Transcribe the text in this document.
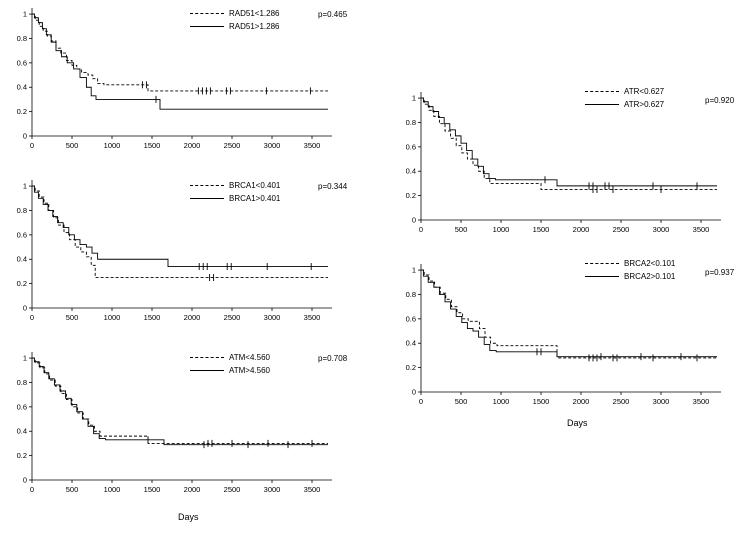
0
0.2
0.4
0.6
0.8
1
0	500	1000	1500	2000	2500	3000	3500
RAD51<1.286
RAD51>1.286
p=0.465
0
0.2
0.4
0.6
0.8
1
0	500	1000	1500	2000	2500	3000	3500
BRCA1<0.401
BRCA1>0.401
p=0.344
0
0.2
0.4
0.6
0.8
1
0	500	1000	1500	2000	2500	3000	3500
ATM<4.560
ATM>4.560
p=0.708
Days
0
0.2
0.4
0.6
0.8
1
0	500	1000	1500	2000	2500	3000	3500
ATR<0.627
ATR>0.627	p=0.920
0
0.2
0.4
0.6
0.8
1
0	500	1000	1500	2000	2500	3000	3500
BRCA2<0.101
BRCA2>0.101	p=0.937
Days
